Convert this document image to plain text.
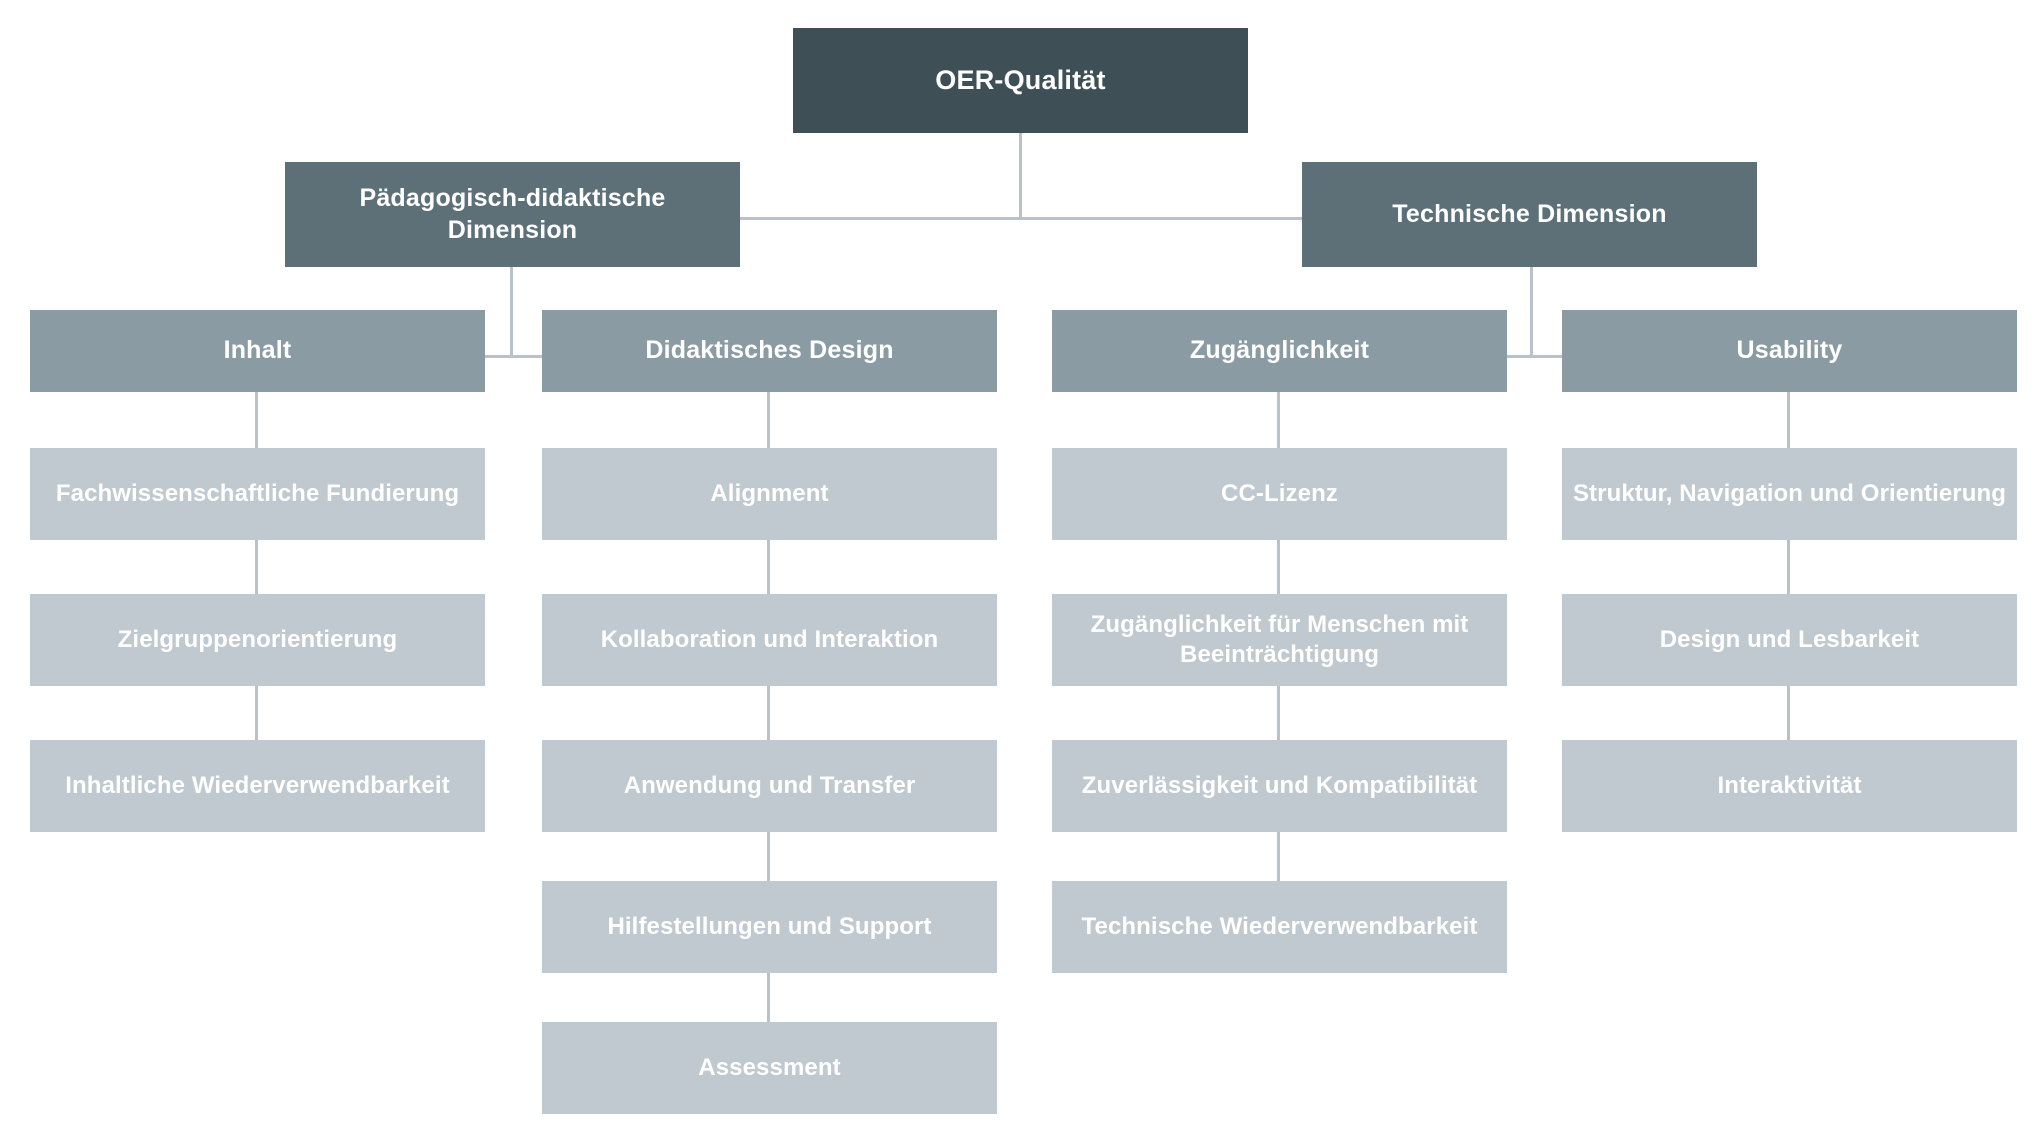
OER-Qualität
Pädagogisch-didaktische Dimension
Technische Dimension
Inhalt
Fachwissenschaftliche Fundierung
Zielgruppenorientierung
Inhaltliche Wiederverwendbarkeit
Didaktisches Design
Alignment
Kollaboration und Interaktion
Anwendung und Transfer
Hilfestellungen und Support
Assessment
Zugänglichkeit
CC-Lizenz
Zugänglichkeit für Menschen mit Beeinträchtigung
Zuverlässigkeit und Kompatibilität
Technische Wiederverwendbarkeit
Usability
Struktur, Navigation und Orientierung
Design und Lesbarkeit
Interaktivität
